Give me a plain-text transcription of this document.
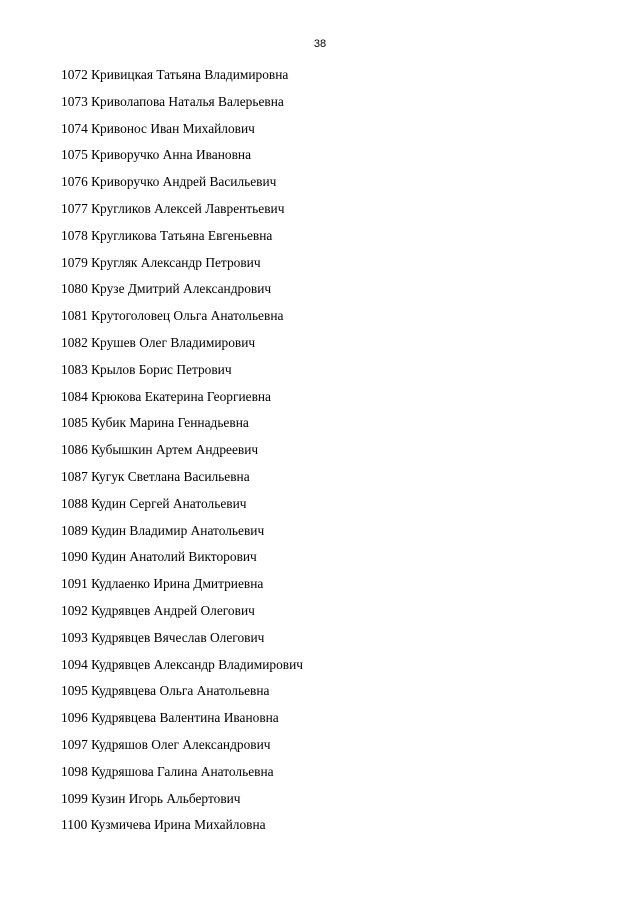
38
1072 Кривицкая Татьяна Владимировна
1073 Криволапова Наталья Валерьевна
1074 Кривонос Иван Михайлович
1075 Криворучко Анна Ивановна
1076 Криворучко Андрей Васильевич
1077 Кругликов Алексей Лаврентьевич
1078 Кругликова Татьяна Евгеньевна
1079 Кругляк Александр Петрович
1080 Крузе Дмитрий Александрович
1081 Крутоголовец Ольга Анатольевна
1082 Крушев Олег Владимирович
1083 Крылов Борис Петрович
1084 Крюкова Екатерина Георгиевна
1085 Кубик Марина Геннадьевна
1086 Кубышкин Артем Андреевич
1087 Кугук Светлана Васильевна
1088 Кудин Сергей Анатольевич
1089 Кудин Владимир Анатольевич
1090 Кудин Анатолий Викторович
1091 Кудлаенко Ирина Дмитриевна
1092 Кудрявцев Андрей Олегович
1093 Кудрявцев Вячеслав Олегович
1094 Кудрявцев Александр Владимирович
1095 Кудрявцева Ольга Анатольевна
1096 Кудрявцева Валентина Ивановна
1097 Кудряшов Олег Александрович
1098 Кудряшова Галина Анатольевна
1099 Кузин Игорь Альбертович
1100 Кузмичева Ирина Михайловна
